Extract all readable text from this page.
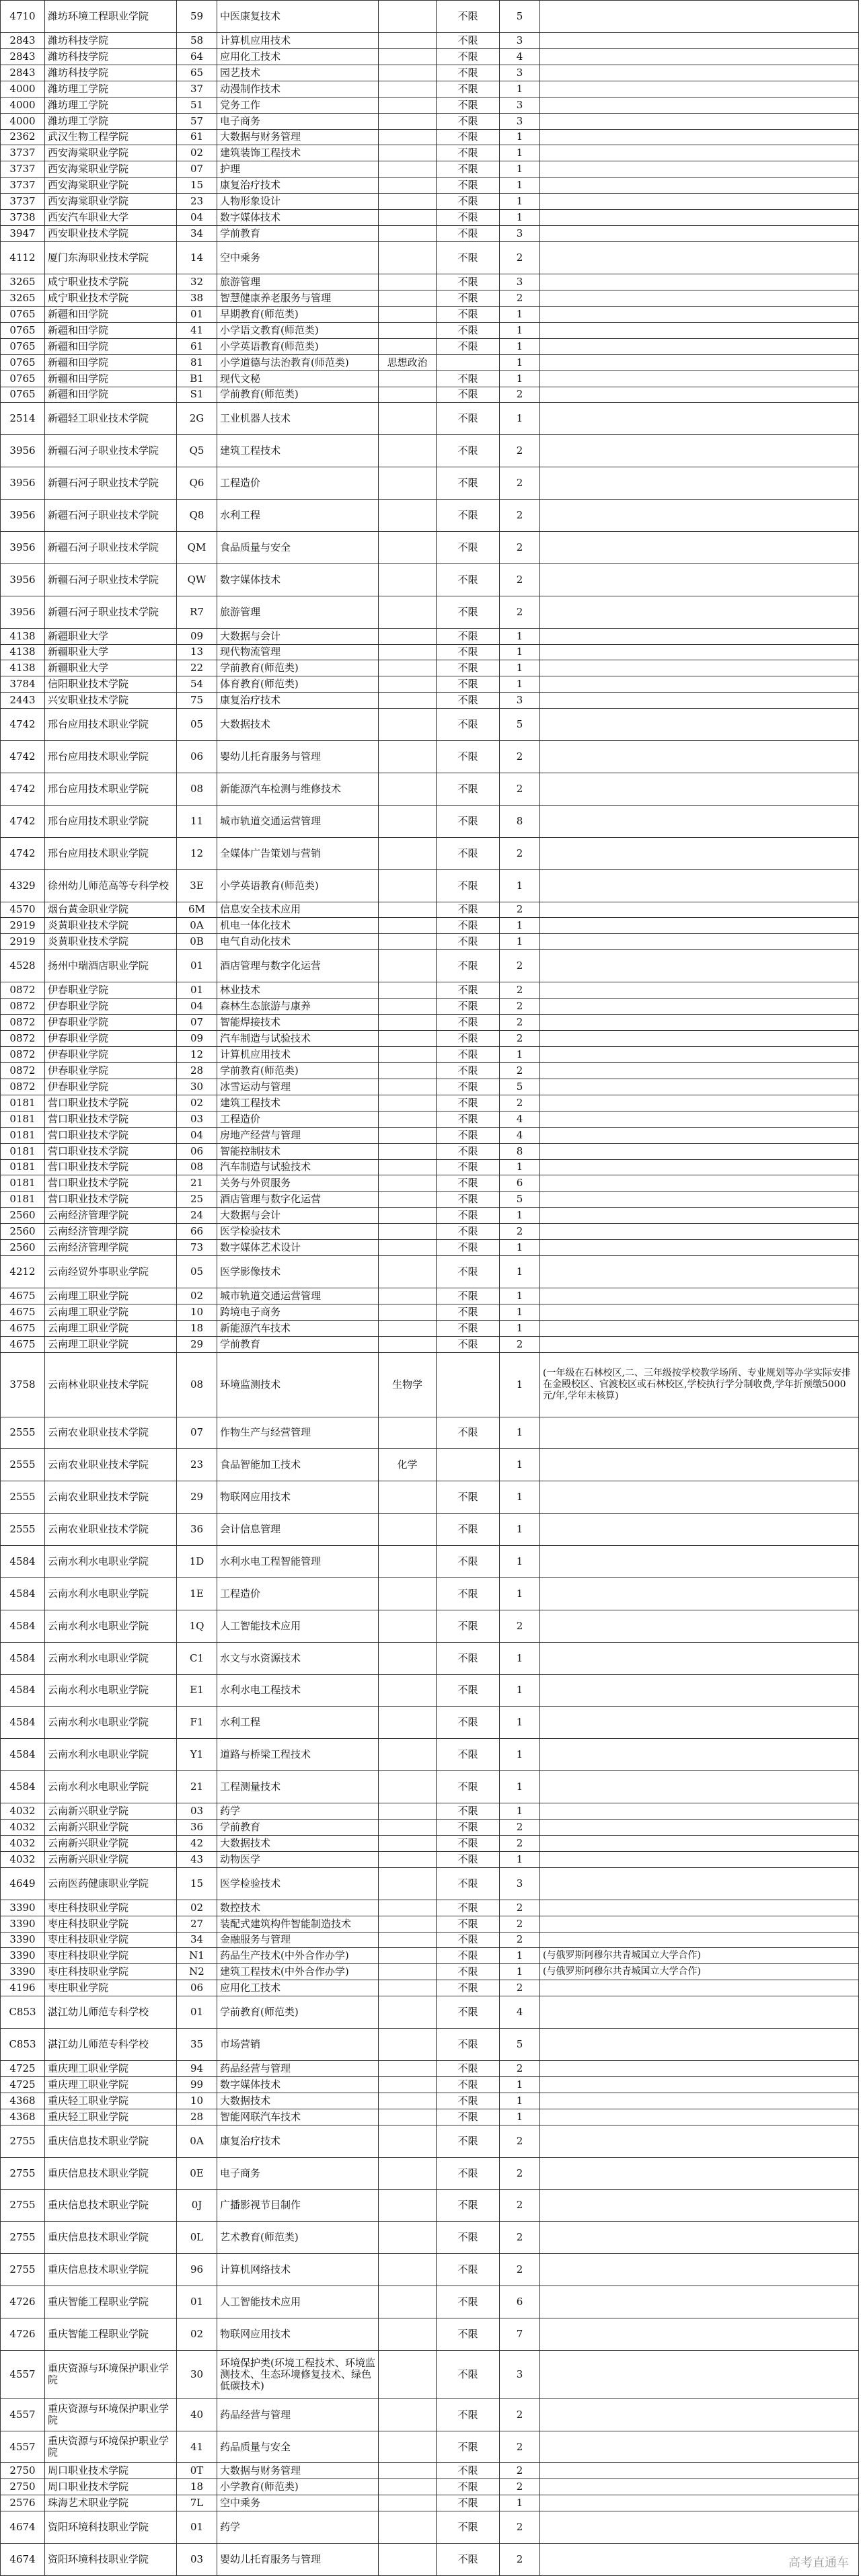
4710	潍坊环境工程职业学院	59	中医康复技术		不限	5	
2843	潍坊科技学院	58	计算机应用技术		不限	3	
2843	潍坊科技学院	64	应用化工技术		不限	4	
2843	潍坊科技学院	65	园艺技术		不限	3	
4000	潍坊理工学院	37	动漫制作技术		不限	1	
4000	潍坊理工学院	51	党务工作		不限	3	
4000	潍坊理工学院	57	电子商务		不限	3	
2362	武汉生物工程学院	61	大数据与财务管理		不限	1	
3737	西安海棠职业学院	02	建筑装饰工程技术		不限	1	
3737	西安海棠职业学院	07	护理		不限	1	
3737	西安海棠职业学院	15	康复治疗技术		不限	1	
3737	西安海棠职业学院	23	人物形象设计		不限	1	
3738	西安汽车职业大学	04	数字媒体技术		不限	1	
3947	西安职业技术学院	34	学前教育		不限	3	
4112	厦门东海职业技术学院	14	空中乘务		不限	2	
3265	咸宁职业技术学院	32	旅游管理		不限	3	
3265	咸宁职业技术学院	38	智慧健康养老服务与管理		不限	2	
0765	新疆和田学院	01	早期教育(师范类)		不限	1	
0765	新疆和田学院	41	小学语文教育(师范类)		不限	1	
0765	新疆和田学院	61	小学英语教育(师范类)		不限	1	
0765	新疆和田学院	81	小学道德与法治教育(师范类)	思想政治		1	
0765	新疆和田学院	B1	现代文秘		不限	1	
0765	新疆和田学院	S1	学前教育(师范类)		不限	2	
2514	新疆轻工职业技术学院	2G	工业机器人技术		不限	1	
3956	新疆石河子职业技术学院	Q5	建筑工程技术		不限	2	
3956	新疆石河子职业技术学院	Q6	工程造价		不限	2	
3956	新疆石河子职业技术学院	Q8	水利工程		不限	2	
3956	新疆石河子职业技术学院	QM	食品质量与安全		不限	2	
3956	新疆石河子职业技术学院	QW	数字媒体技术		不限	2	
3956	新疆石河子职业技术学院	R7	旅游管理		不限	2	
4138	新疆职业大学	09	大数据与会计		不限	1	
4138	新疆职业大学	13	现代物流管理		不限	1	
4138	新疆职业大学	22	学前教育(师范类)		不限	1	
3784	信阳职业技术学院	54	体育教育(师范类)		不限	1	
2443	兴安职业技术学院	75	康复治疗技术		不限	3	
4742	邢台应用技术职业学院	05	大数据技术		不限	5	
4742	邢台应用技术职业学院	06	婴幼儿托育服务与管理		不限	2	
4742	邢台应用技术职业学院	08	新能源汽车检测与维修技术		不限	2	
4742	邢台应用技术职业学院	11	城市轨道交通运营管理		不限	8	
4742	邢台应用技术职业学院	12	全媒体广告策划与营销		不限	2	
4329	徐州幼儿师范高等专科学校	3E	小学英语教育(师范类)		不限	1	
4570	烟台黄金职业学院	6M	信息安全技术应用		不限	2	
2919	炎黄职业技术学院	0A	机电一体化技术		不限	1	
2919	炎黄职业技术学院	0B	电气自动化技术		不限	1	
4528	扬州中瑞酒店职业学院	01	酒店管理与数字化运营		不限	2	
0872	伊春职业学院	01	林业技术		不限	2	
0872	伊春职业学院	04	森林生态旅游与康养		不限	2	
0872	伊春职业学院	07	智能焊接技术		不限	2	
0872	伊春职业学院	09	汽车制造与试验技术		不限	2	
0872	伊春职业学院	12	计算机应用技术		不限	1	
0872	伊春职业学院	28	学前教育(师范类)		不限	2	
0872	伊春职业学院	30	冰雪运动与管理		不限	5	
0181	营口职业技术学院	02	建筑工程技术		不限	2	
0181	营口职业技术学院	03	工程造价		不限	4	
0181	营口职业技术学院	04	房地产经营与管理		不限	4	
0181	营口职业技术学院	06	智能控制技术		不限	8	
0181	营口职业技术学院	08	汽车制造与试验技术		不限	1	
0181	营口职业技术学院	21	关务与外贸服务		不限	6	
0181	营口职业技术学院	25	酒店管理与数字化运营		不限	5	
2560	云南经济管理学院	24	大数据与会计		不限	1	
2560	云南经济管理学院	66	医学检验技术		不限	2	
2560	云南经济管理学院	73	数字媒体艺术设计		不限	1	
4212	云南经贸外事职业学院	05	医学影像技术		不限	1	
4675	云南理工职业学院	02	城市轨道交通运营管理		不限	1	
4675	云南理工职业学院	10	跨境电子商务		不限	1	
4675	云南理工职业学院	18	新能源汽车技术		不限	1	
4675	云南理工职业学院	29	学前教育		不限	2	
3758	云南林业职业技术学院	08	环境监测技术	生物学		1	(一年级在石林校区,二、三年级按学校教学场所、专业规划等办学实际安排在金殿校区、官渡校区或石林校区,学校执行学分制收费,学年折预缴5000元/年,学年末核算)
2555	云南农业职业技术学院	07	作物生产与经营管理		不限	1	
2555	云南农业职业技术学院	23	食品智能加工技术	化学		1	
2555	云南农业职业技术学院	29	物联网应用技术		不限	1	
2555	云南农业职业技术学院	36	会计信息管理		不限	1	
4584	云南水利水电职业学院	1D	水利水电工程智能管理		不限	1	
4584	云南水利水电职业学院	1E	工程造价		不限	1	
4584	云南水利水电职业学院	1Q	人工智能技术应用		不限	2	
4584	云南水利水电职业学院	C1	水文与水资源技术		不限	1	
4584	云南水利水电职业学院	E1	水利水电工程技术		不限	1	
4584	云南水利水电职业学院	F1	水利工程		不限	1	
4584	云南水利水电职业学院	Y1	道路与桥梁工程技术		不限	1	
4584	云南水利水电职业学院	21	工程测量技术		不限	1	
4032	云南新兴职业学院	03	药学		不限	1	
4032	云南新兴职业学院	36	学前教育		不限	2	
4032	云南新兴职业学院	42	大数据技术		不限	2	
4032	云南新兴职业学院	43	动物医学		不限	1	
4649	云南医药健康职业学院	15	医学检验技术		不限	3	
3390	枣庄科技职业学院	02	数控技术		不限	2	
3390	枣庄科技职业学院	27	装配式建筑构件智能制造技术		不限	2	
3390	枣庄科技职业学院	34	金融服务与管理		不限	2	
3390	枣庄科技职业学院	N1	药品生产技术(中外合作办学)		不限	1	(与俄罗斯阿穆尔共青城国立大学合作)
3390	枣庄科技职业学院	N2	建筑工程技术(中外合作办学)		不限	1	(与俄罗斯阿穆尔共青城国立大学合作)
4196	枣庄职业学院	06	应用化工技术		不限	2	
C853	湛江幼儿师范专科学校	01	学前教育(师范类)		不限	4	
C853	湛江幼儿师范专科学校	35	市场营销		不限	5	
4725	重庆理工职业学院	94	药品经营与管理		不限	2	
4725	重庆理工职业学院	99	数字媒体技术		不限	1	
4368	重庆轻工职业学院	10	大数据技术		不限	1	
4368	重庆轻工职业学院	28	智能网联汽车技术		不限	1	
2755	重庆信息技术职业学院	0A	康复治疗技术		不限	2	
2755	重庆信息技术职业学院	0E	电子商务		不限	2	
2755	重庆信息技术职业学院	0J	广播影视节目制作		不限	2	
2755	重庆信息技术职业学院	0L	艺术教育(师范类)		不限	2	
2755	重庆信息技术职业学院	96	计算机网络技术		不限	2	
4726	重庆智能工程职业学院	01	人工智能技术应用		不限	6	
4726	重庆智能工程职业学院	02	物联网应用技术		不限	7	
4557	重庆资源与环境保护职业学院	30	环境保护类(环境工程技术、环境监测技术、生态环境修复技术、绿色低碳技术)		不限	3	
4557	重庆资源与环境保护职业学院	40	药品经营与管理		不限	2	
4557	重庆资源与环境保护职业学院	41	药品质量与安全		不限	2	
2750	周口职业技术学院	0T	大数据与财务管理		不限	2	
2750	周口职业技术学院	18	小学教育(师范类)		不限	2	
2576	珠海艺术职业学院	7L	空中乘务		不限	1	
4674	资阳环境科技职业学院	01	药学		不限	2	
4674	资阳环境科技职业学院	03	婴幼儿托育服务与管理		不限	2		高考直通车
